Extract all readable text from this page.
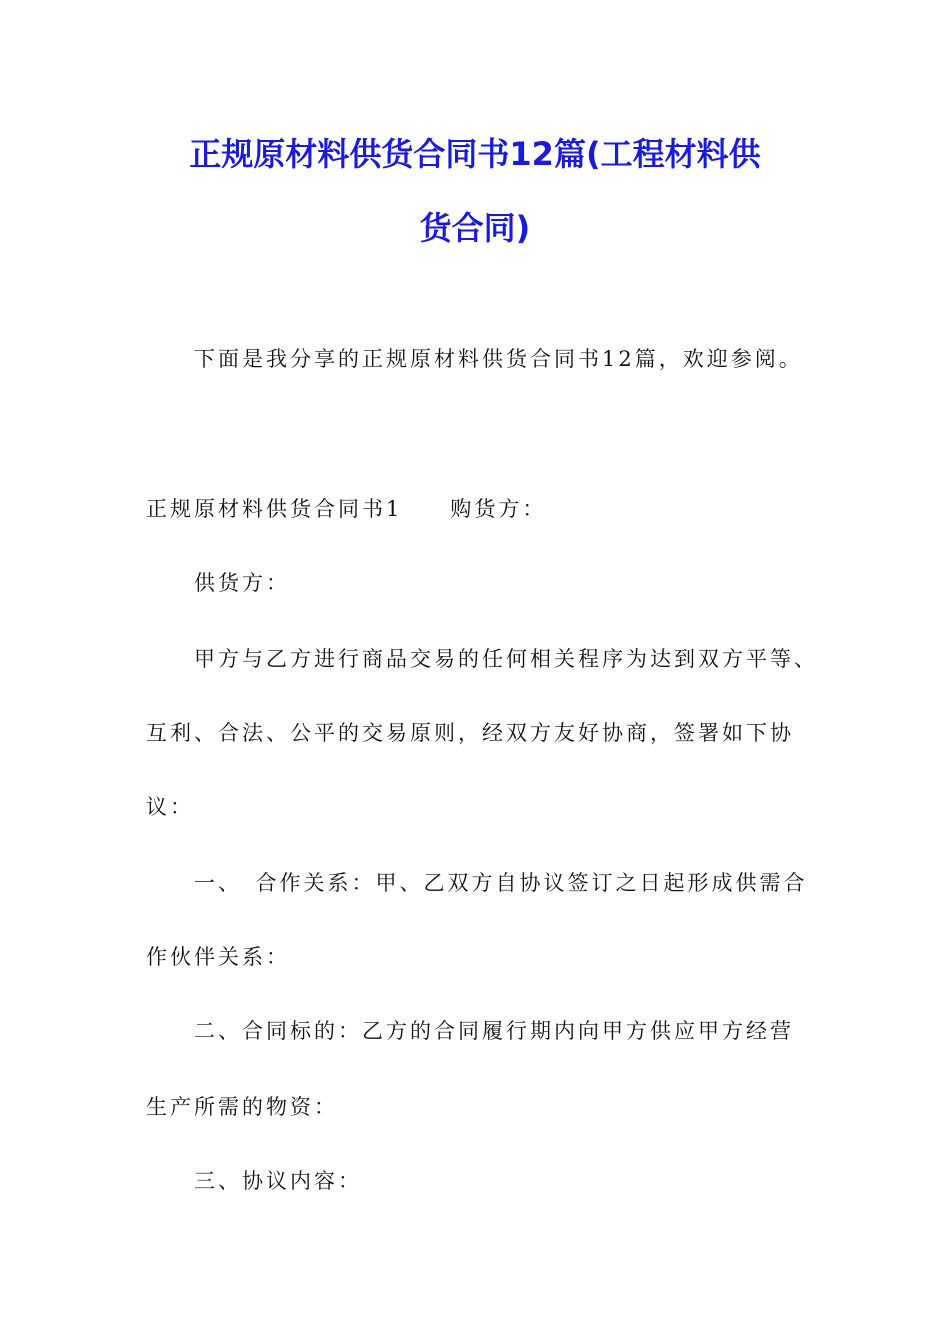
正规原材料供货合同书12篇(工程材料供
货合同)
下面是我分享的正规原材料供货合同书12篇，欢迎参阅。
正规原材料供货合同书1　　购货方：
供货方：
甲方与乙方进行商品交易的任何相关程序为达到双方平等、
互利、合法、公平的交易原则，经双方友好协商，签署如下协
议：
一、　合作关系：甲、乙双方自协议签订之日起形成供需合
作伙伴关系：
二、合同标的：乙方的合同履行期内向甲方供应甲方经营
生产所需的物资：
三、协议内容：
